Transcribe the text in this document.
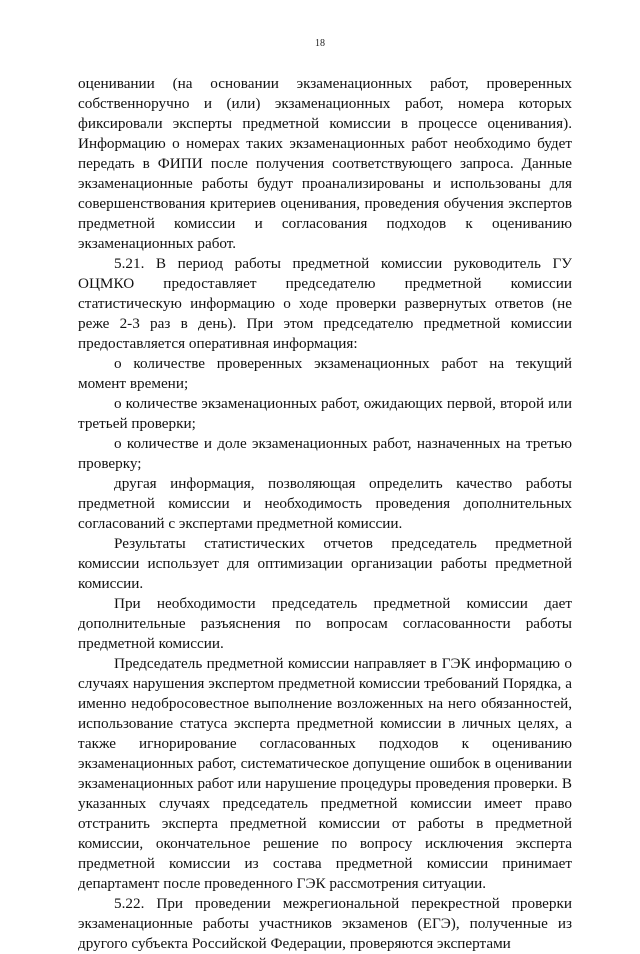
18

оценивании (на основании экзаменационных работ, проверенных собственноручно и (или) экзаменационных работ, номера которых фиксировали эксперты предметной комиссии в процессе оценивания). Информацию о номерах таких экзаменационных работ необходимо будет передать в ФИПИ после получения соответствующего запроса. Данные экзаменационные работы будут проанализированы и использованы для совершенствования критериев оценивания, проведения обучения экспертов предметной комиссии и согласования подходов к оцениванию экзаменационных работ.

5.21. В период работы предметной комиссии руководитель ГУ ОЦМКО предоставляет председателю предметной комиссии статистическую информацию о ходе проверки развернутых ответов (не реже 2-3 раз в день). При этом председателю предметной комиссии предоставляется оперативная информация:

о количестве проверенных экзаменационных работ на текущий момент времени;

о количестве экзаменационных работ, ожидающих первой, второй или третьей проверки;

о количестве и доле экзаменационных работ, назначенных на третью проверку;

другая информация, позволяющая определить качество работы предметной комиссии и необходимость проведения дополнительных согласований с экспертами предметной комиссии.

Результаты статистических отчетов председатель предметной комиссии использует для оптимизации организации работы предметной комиссии.

При необходимости председатель предметной комиссии дает дополнительные разъяснения по вопросам согласованности работы предметной комиссии.

Председатель предметной комиссии направляет в ГЭК информацию о случаях нарушения экспертом предметной комиссии требований Порядка, а именно недобросовестное выполнение возложенных на него обязанностей, использование статуса эксперта предметной комиссии в личных целях, а также игнорирование согласованных подходов к оцениванию экзаменационных работ, систематическое допущение ошибок в оценивании экзаменационных работ или нарушение процедуры проведения проверки. В указанных случаях председатель предметной комиссии имеет право отстранить эксперта предметной комиссии от работы в предметной комиссии, окончательное решение по вопросу исключения эксперта предметной комиссии из состава предметной комиссии принимает департамент после проведенного ГЭК рассмотрения ситуации.

5.22. При проведении межрегиональной перекрестной проверки экзаменационные работы участников экзаменов (ЕГЭ), полученные из другого субъекта Российской Федерации, проверяются экспертами
